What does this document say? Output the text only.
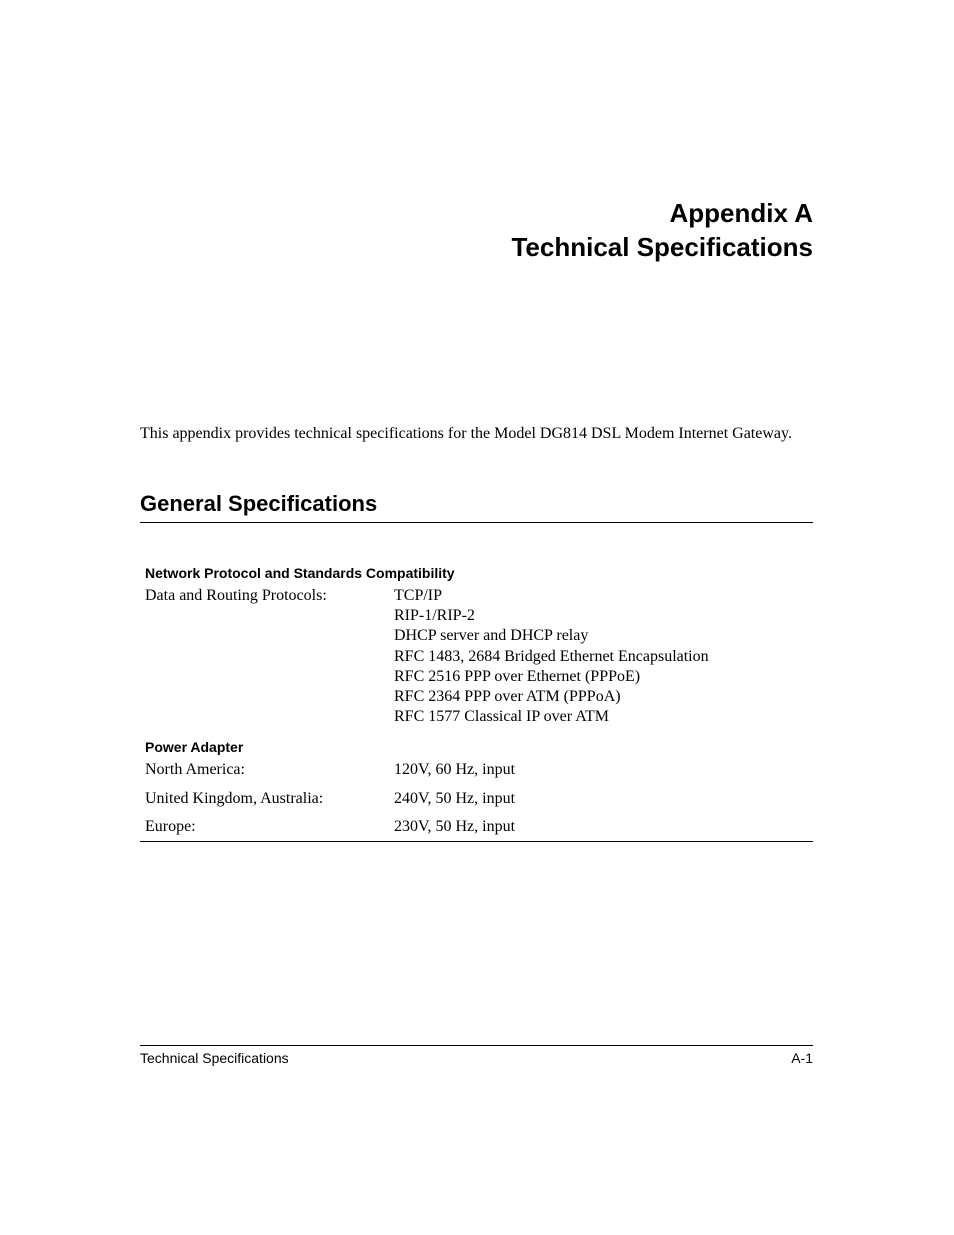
Appendix A
Technical Specifications

This appendix provides technical specifications for the Model DG814 DSL Modem Internet Gateway.

General Specifications
Network Protocol and Standards Compatibility
Data and Routing Protocols:	TCP/IP
RIP-1/RIP-2
DHCP server and DHCP relay
RFC 1483, 2684 Bridged Ethernet Encapsulation
RFC 2516 PPP over Ethernet (PPPoE)
RFC 2364 PPP over ATM (PPPoA)
RFC 1577 Classical IP over ATM
Power Adapter
North America:	120V, 60 Hz, input
United Kingdom, Australia:	240V, 50 Hz, input
Europe:	230V, 50 Hz, input
Technical Specifications	A-1
